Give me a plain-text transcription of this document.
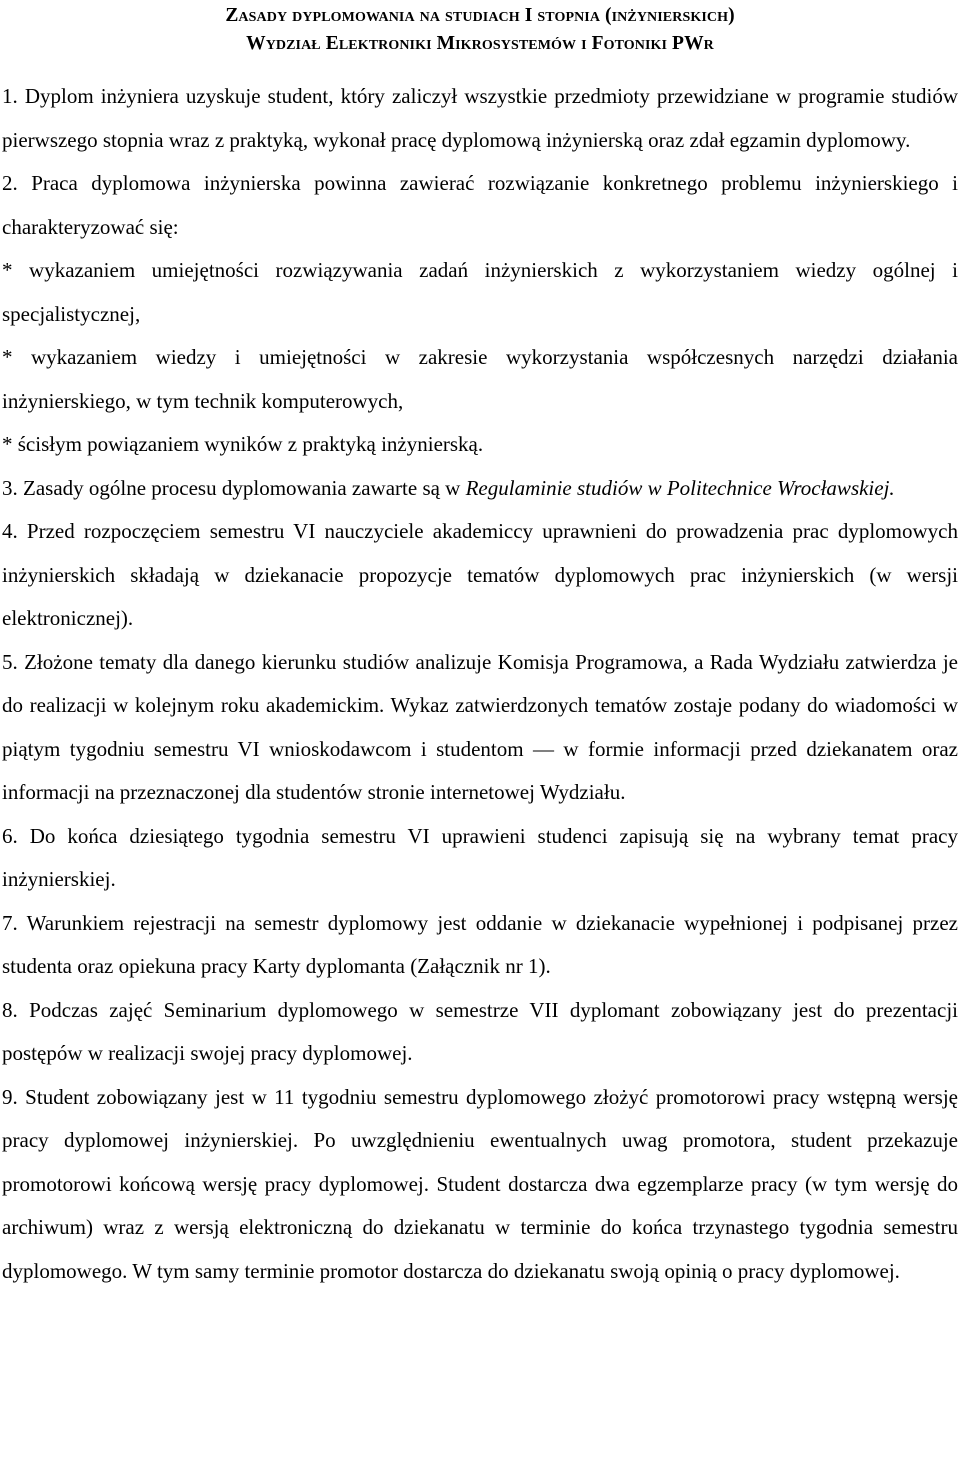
Zasady dyplomowania na studiach I stopnia (inżynierskich)
Wydział Elektroniki Mikrosystemów i Fotoniki PWr

1. Dyplom inżyniera uzyskuje student, który zaliczył wszystkie przedmioty przewidziane w programie studiów pierwszego stopnia wraz z praktyką, wykonał pracę dyplomową inżynierską oraz zdał egzamin dyplomowy.

2. Praca dyplomowa inżynierska powinna zawierać rozwiązanie konkretnego problemu inżynierskiego i charakteryzować się:

* wykazaniem umiejętności rozwiązywania zadań inżynierskich z wykorzystaniem wiedzy ogólnej i specjalistycznej,

* wykazaniem wiedzy i umiejętności w zakresie wykorzystania współczesnych narzędzi działania inżynierskiego, w tym technik komputerowych,

* ścisłym powiązaniem wyników z praktyką inżynierską.

3. Zasady ogólne procesu dyplomowania zawarte są w Regulaminie studiów w Politechnice Wrocławskiej.

4. Przed rozpoczęciem semestru VI nauczyciele akademiccy uprawnieni do prowadzenia prac dyplomowych inżynierskich składają w dziekanacie propozycje tematów dyplomowych prac inżynierskich (w wersji elektronicznej).

5. Złożone tematy dla danego kierunku studiów analizuje Komisja Programowa, a Rada Wydziału zatwierdza je do realizacji w kolejnym roku akademickim. Wykaz zatwierdzonych tematów zostaje podany do wiadomości w piątym tygodniu semestru VI wnioskodawcom i studentom — w formie informacji przed dziekanatem oraz informacji na przeznaczonej dla studentów stronie internetowej Wydziału.

6. Do końca dziesiątego tygodnia semestru VI uprawieni studenci zapisują się na wybrany temat pracy inżynierskiej.

7. Warunkiem rejestracji na semestr dyplomowy jest oddanie w dziekanacie wypełnionej i podpisanej przez studenta oraz opiekuna pracy Karty dyplomanta (Załącznik nr 1).

8. Podczas zajęć Seminarium dyplomowego w semestrze VII dyplomant zobowiązany jest do prezentacji postępów w realizacji swojej pracy dyplomowej.

9. Student zobowiązany jest w 11 tygodniu semestru dyplomowego złożyć promotorowi pracy wstępną wersję pracy dyplomowej inżynierskiej. Po uwzględnieniu ewentualnych uwag promotora, student przekazuje promotorowi końcową wersję pracy dyplomowej. Student dostarcza dwa egzemplarze pracy (w tym wersję do archiwum) wraz z wersją elektroniczną do dziekanatu w terminie do końca trzynastego tygodnia semestru dyplomowego. W tym samy terminie promotor dostarcza do dziekanatu swoją opinią o pracy dyplomowej.
